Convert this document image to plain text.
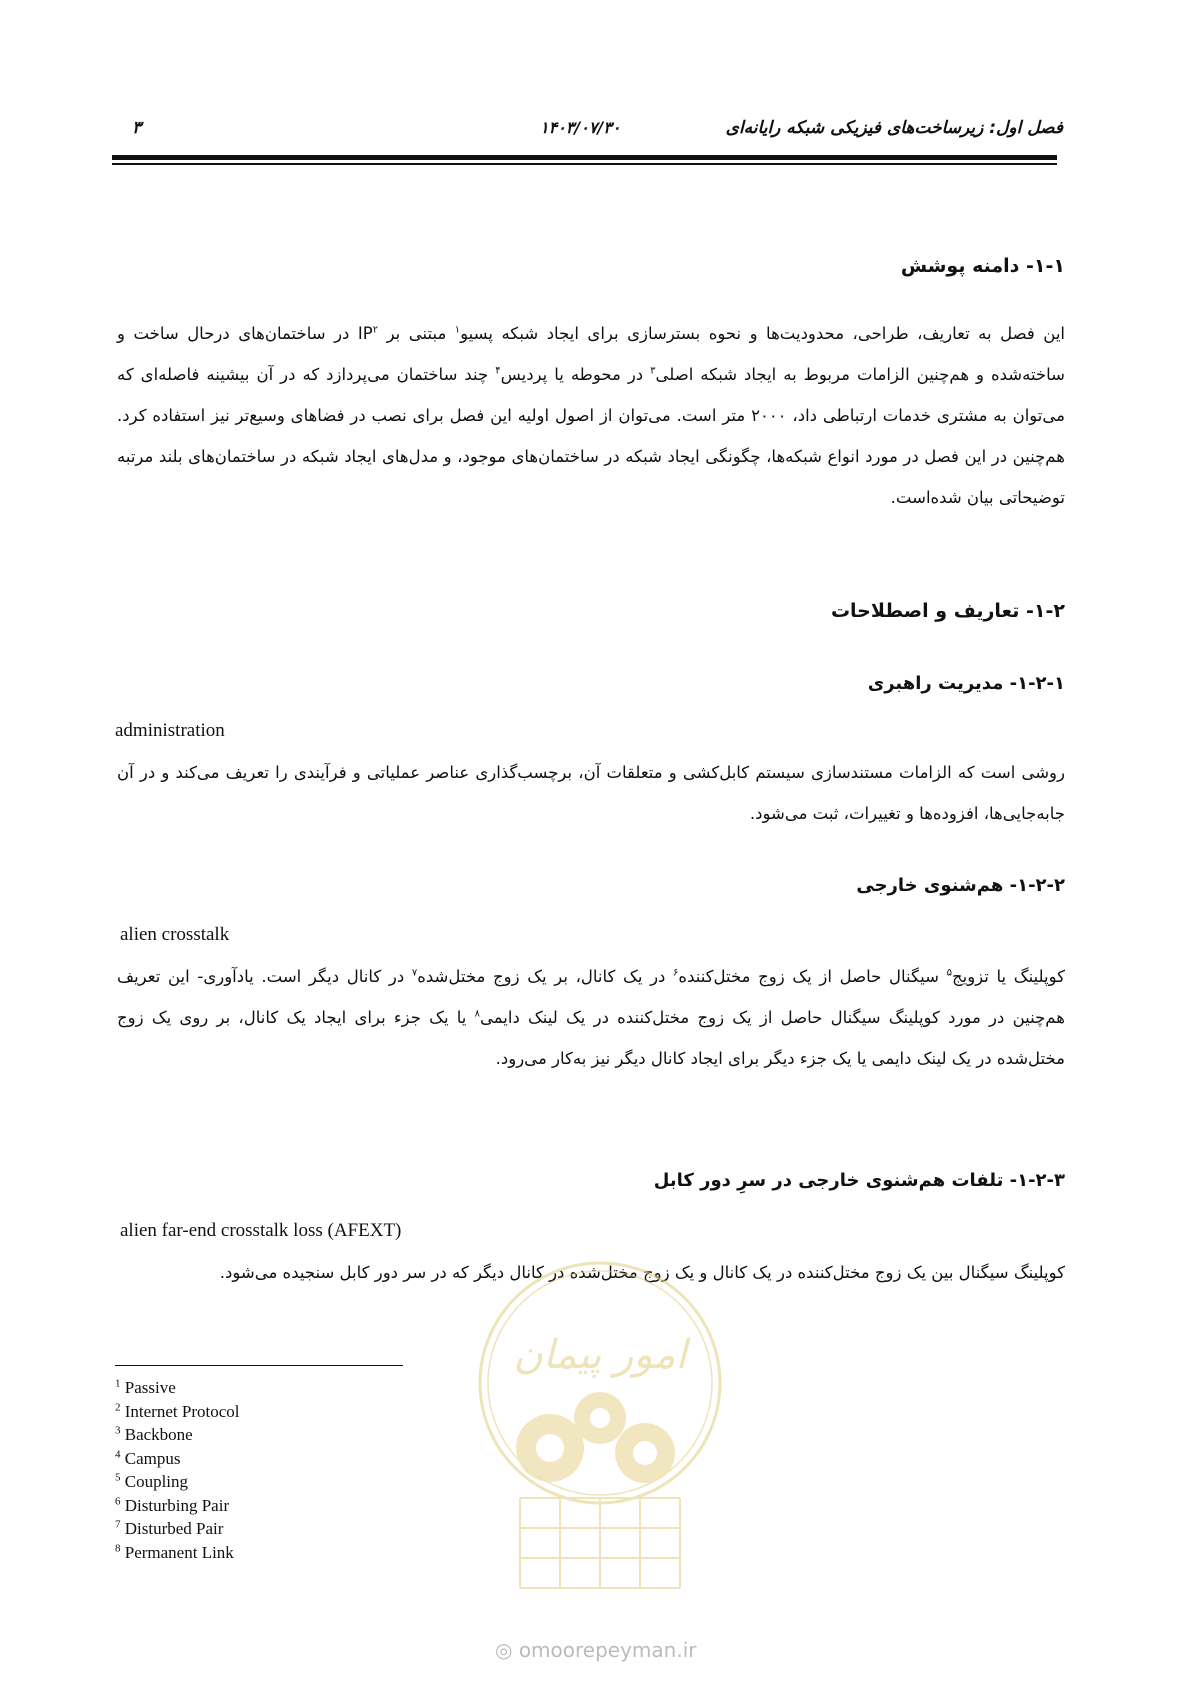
فصل اول: زیرساخت‌های فیزیکی شبکه رایانه‌ای
۱۴۰۳/۰۷/۳۰
۳
۱-۱- دامنه پوشش
این فصل به تعاریف، طراحی، محدودیت‌ها و نحوه بسترسازی برای ایجاد شبکه پسیو$^۱$ مبتنی بر $IP^۲$ در ساختمان‌های درحال ساخت و ساخته‌شده و هم‌چنین الزامات مربوط به ایجاد شبکه اصلی$^۳$ در محوطه یا پردیس$^۴$ چند ساختمان می‌پردازد که در آن بیشینه فاصله‌ای که می‌توان به مشتری خدمات ارتباطی داد، ۲۰۰۰ متر است. می‌توان از اصول اولیه این فصل برای نصب در فضاهای وسیع‌تر نیز استفاده کرد. هم‌چنین در این فصل در مورد انواع شبکه‌ها، چگونگی ایجاد شبکه در ساختمان‌های موجود، و مدل‌های ایجاد شبکه در ساختمان‌های بلند مرتبه توضیحاتی بیان شده‌است.
۱-۲- تعاریف و اصطلاحات
۱-۲-۱- مدیریت راهبری
administration
روشی است که الزامات مستندسازی سیستم کابل‌کشی و متعلقات آن، برچسب‌گذاری عناصر عملیاتی و فرآیندی را تعریف می‌کند و در آن جابه‌جایی‌ها، افزوده‌ها و تغییرات، ثبت می‌شود.
۱-۲-۲- هم‌شنوی خارجی
alien crosstalk
کوپلینگ یا تزویج$^۵$ سیگنال حاصل از یک زوج مختل‌کننده$^۶$ در یک کانال، بر یک زوج مختل‌شده$^۷$ در کانال دیگر است. یادآوری- این تعریف هم‌چنین در مورد کوپلینگ سیگنال حاصل از یک زوج مختل‌کننده در یک لینک دایمی$^۸$ یا یک جزء برای ایجاد یک کانال، بر روی یک زوج مختل‌شده در یک لینک دایمی یا یک جزء دیگر برای ایجاد کانال دیگر نیز به‌کار می‌رود.
۱-۲-۳- تلفات هم‌شنوی خارجی در سرِ دور کابل
alien far-end crosstalk loss (AFEXT)
کوپلینگ سیگنال بین یک زوج مختل‌کننده در یک کانال و یک زوج مختل‌شده در کانال دیگر که در سر دور کابل سنجیده می‌شود.
$^1$ Passive
$^2$ Internet Protocol
$^3$ Backbone
$^4$ Campus
$^5$ Coupling
$^6$ Disturbing Pair
$^7$ Disturbed Pair
$^8$ Permanent Link
امور پیمان
◎ omoorepeyman.ir
